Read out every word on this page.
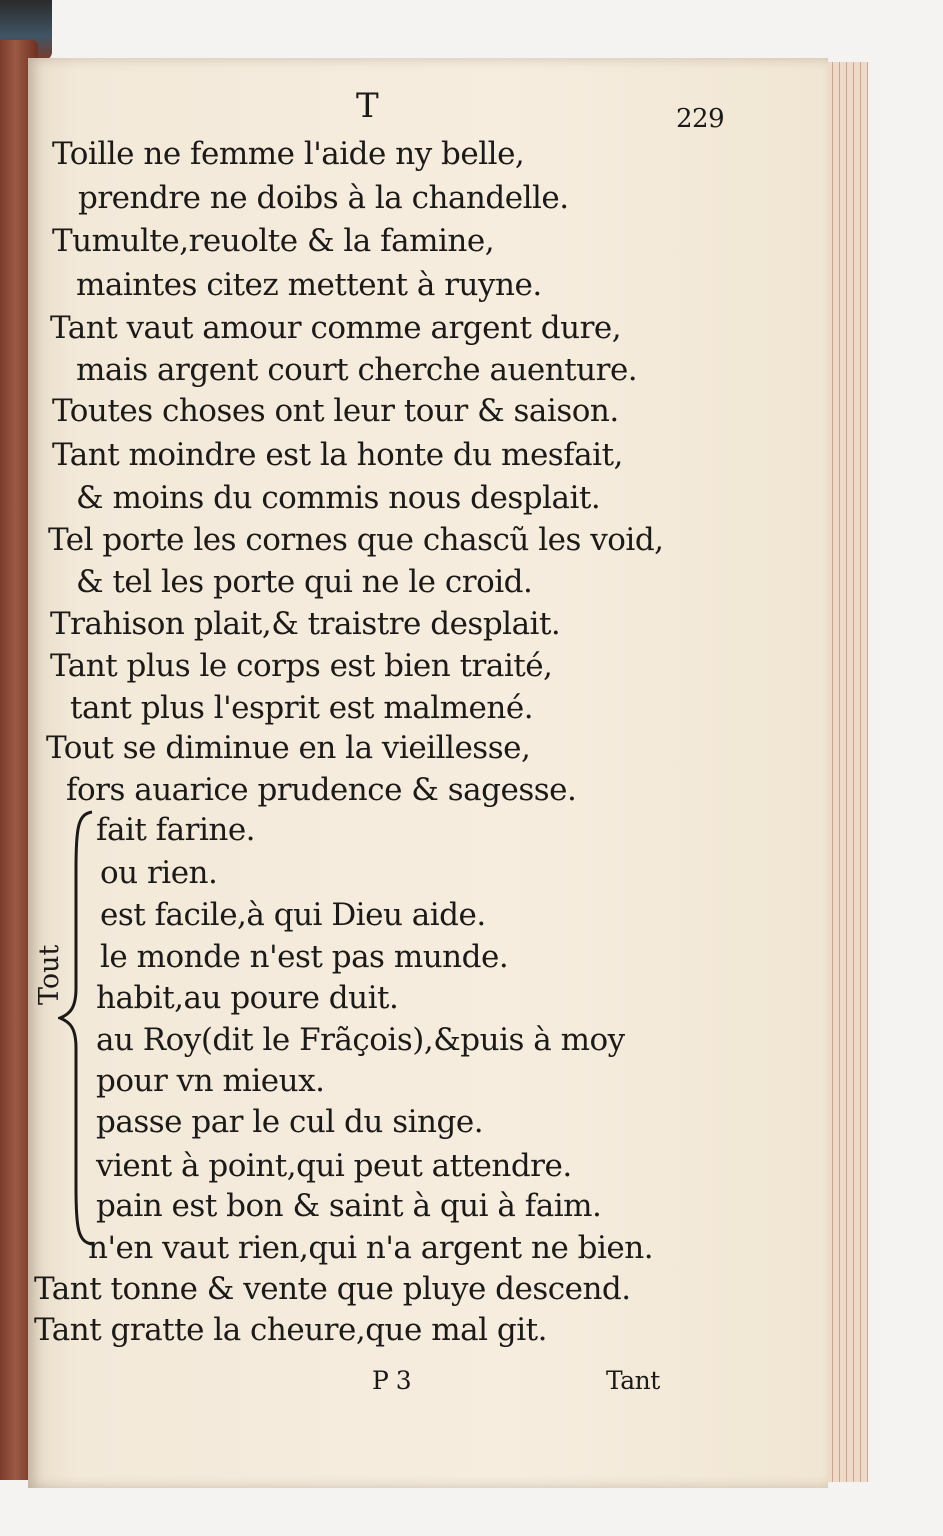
T	229
Toille ne femme l'aide ny belle,
prendre ne doibs à la chandelle.
Tumulte,reuolte & la famine,
maintes citez mettent à ruyne.
Tant vaut amour comme argent dure,
mais argent court cherche auenture.
Toutes choses ont leur tour & saison.
Tant moindre est la honte du mesfait,
& moins du commis nous desplait.
Tel porte les cornes que chascũ les void,
& tel les porte qui ne le croid.
Trahison plait,& traistre desplait.
Tant plus le corps est bien traité,
tant plus l'esprit est malmené.
Tout se diminue en la vieillesse,
fors auarice prudence & sagesse.
Tout
fait farine.
ou rien.
est facile,à qui Dieu aide.
le monde n'est pas munde.
habit,au poure duit.
au Roy(dit le Frãçois),&puis à moy
pour vn mieux.
passe par le cul du singe.
vient à point,qui peut attendre.
pain est bon & saint à qui à faim.
n'en vaut rien,qui n'a argent ne bien.
Tant tonne & vente que pluye descend.
Tant gratte la cheure,que mal git.
P 3	Tant
